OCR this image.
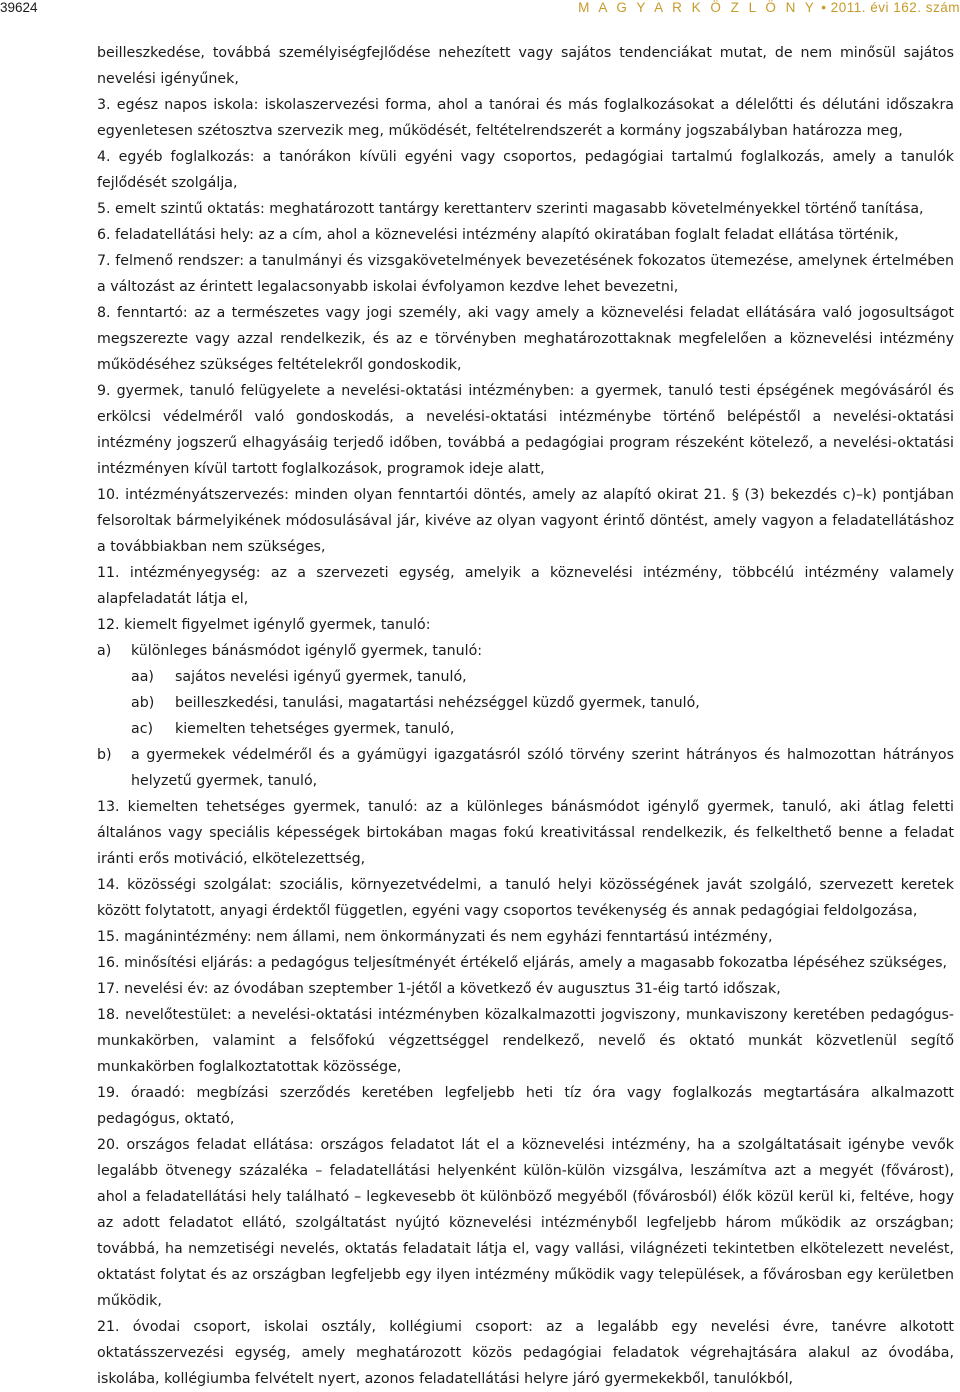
39624	M A G Y A R K Ö Z L Ö N Y • 2011. évi 162. szám

beilleszkedése, továbbá személyiségfejlődése nehezített vagy sajátos tendenciákat mutat, de nem minősül sajátos nevelési igényűnek,

3. egész napos iskola: iskolaszervezési forma, ahol a tanórai és más foglalkozásokat a délelőtti és délutáni időszakra egyenletesen szétosztva szervezik meg, működését, feltételrendszerét a kormány jogszabályban határozza meg,

4. egyéb foglalkozás: a tanórákon kívüli egyéni vagy csoportos, pedagógiai tartalmú foglalkozás, amely a tanulók fejlődését szolgálja,

5. emelt szintű oktatás: meghatározott tantárgy kerettanterv szerinti magasabb követelményekkel történő tanítása,

6. feladatellátási hely: az a cím, ahol a köznevelési intézmény alapító okiratában foglalt feladat ellátása történik,

7. felmenő rendszer: a tanulmányi és vizsgakövetelmények bevezetésének fokozatos ütemezése, amelynek értelmében a változást az érintett legalacsonyabb iskolai évfolyamon kezdve lehet bevezetni,

8. fenntartó: az a természetes vagy jogi személy, aki vagy amely a köznevelési feladat ellátására való jogosultságot megszerezte vagy azzal rendelkezik, és az e törvényben meghatározottaknak megfelelően a köznevelési intézmény működéséhez szükséges feltételekről gondoskodik,

9. gyermek, tanuló felügyelete a nevelési-oktatási intézményben: a gyermek, tanuló testi épségének megóvásáról és erkölcsi védelméről való gondoskodás, a nevelési-oktatási intézménybe történő belépéstől a nevelési-oktatási intézmény jogszerű elhagyásáig terjedő időben, továbbá a pedagógiai program részeként kötelező, a nevelési-oktatási intézményen kívül tartott foglalkozások, programok ideje alatt,

10. intézményátszervezés: minden olyan fenntartói döntés, amely az alapító okirat 21. § (3) bekezdés c)–k) pontjában felsoroltak bármelyikének módosulásával jár, kivéve az olyan vagyont érintő döntést, amely vagyon a feladatellátáshoz a továbbiakban nem szükséges,

11. intézményegység: az a szervezeti egység, amelyik a köznevelési intézmény, többcélú intézmény valamely alapfeladatát látja el,

12. kiemelt figyelmet igénylő gyermek, tanuló:

a) különleges bánásmódot igénylő gyermek, tanuló:

aa) sajátos nevelési igényű gyermek, tanuló,

ab) beilleszkedési, tanulási, magatartási nehézséggel küzdő gyermek, tanuló,

ac) kiemelten tehetséges gyermek, tanuló,

b) a gyermekek védelméről és a gyámügyi igazgatásról szóló törvény szerint hátrányos és halmozottan hátrányos helyzetű gyermek, tanuló,

13. kiemelten tehetséges gyermek, tanuló: az a különleges bánásmódot igénylő gyermek, tanuló, aki átlag feletti általános vagy speciális képességek birtokában magas fokú kreativitással rendelkezik, és felkelthető benne a feladat iránti erős motiváció, elkötelezettség,

14. közösségi szolgálat: szociális, környezetvédelmi, a tanuló helyi közösségének javát szolgáló, szervezett keretek között folytatott, anyagi érdektől független, egyéni vagy csoportos tevékenység és annak pedagógiai feldolgozása,

15. magánintézmény: nem állami, nem önkormányzati és nem egyházi fenntartású intézmény,

16. minősítési eljárás: a pedagógus teljesítményét értékelő eljárás, amely a magasabb fokozatba lépéséhez szükséges,

17. nevelési év: az óvodában szeptember 1-jétől a következő év augusztus 31-éig tartó időszak,

18. nevelőtestület: a nevelési-oktatási intézményben közalkalmazotti jogviszony, munkaviszony keretében pedagógus-munkakörben, valamint a felsőfokú végzettséggel rendelkező, nevelő és oktató munkát közvetlenül segítő munkakörben foglalkoztatottak közössége,

19. óraadó: megbízási szerződés keretében legfeljebb heti tíz óra vagy foglalkozás megtartására alkalmazott pedagógus, oktató,

20. országos feladat ellátása: országos feladatot lát el a köznevelési intézmény, ha a szolgáltatásait igénybe vevők legalább ötvenegy százaléka – feladatellátási helyenként külön-külön vizsgálva, leszámítva azt a megyét (fővárost), ahol a feladatellátási hely található – legkevesebb öt különböző megyéből (fővárosból) élők közül kerül ki, feltéve, hogy az adott feladatot ellátó, szolgáltatást nyújtó köznevelési intézményből legfeljebb három működik az országban; továbbá, ha nemzetiségi nevelés, oktatás feladatait látja el, vagy vallási, világnézeti tekintetben elkötelezett nevelést, oktatást folytat és az országban legfeljebb egy ilyen intézmény működik vagy települések, a fővárosban egy kerületben működik,

21. óvodai csoport, iskolai osztály, kollégiumi csoport: az a legalább egy nevelési évre, tanévre alkotott oktatásszervezési egység, amely meghatározott közös pedagógiai feladatok végrehajtására alakul az óvodába, iskolába, kollégiumba felvételt nyert, azonos feladatellátási helyre járó gyermekekből, tanulókból,
